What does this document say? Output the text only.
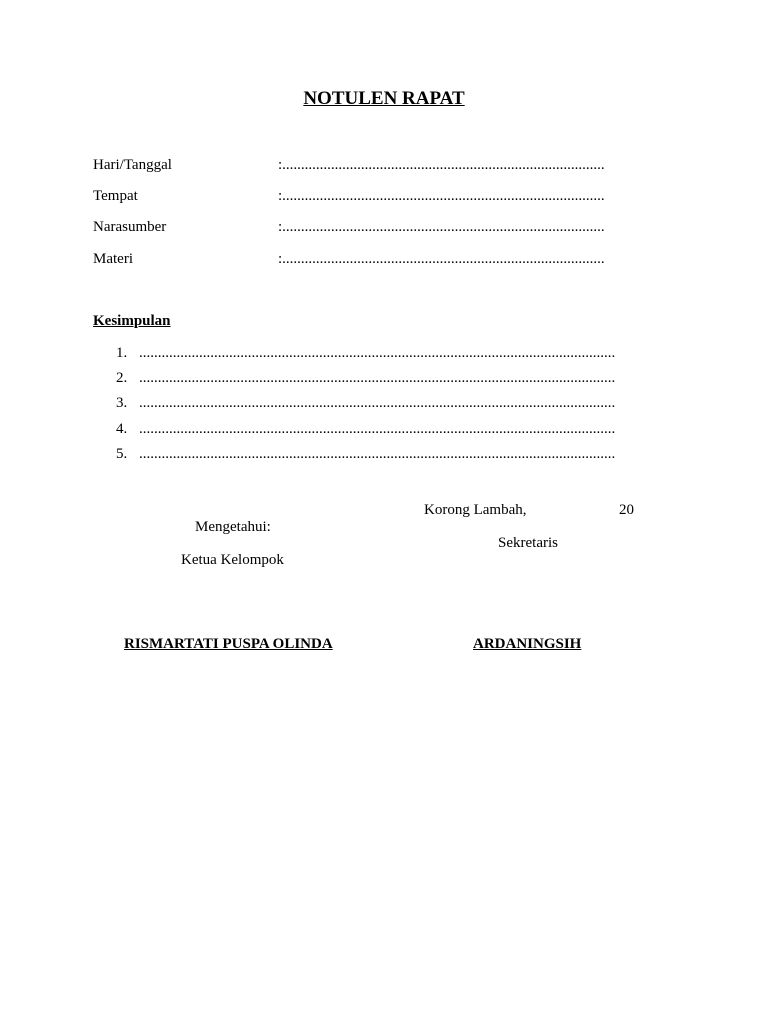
NOTULEN RAPAT
Hari/Tanggal	:......................................................................................
Tempat	:......................................................................................
Narasumber	:......................................................................................
Materi	:......................................................................................
Kesimpulan
1. ...............................................................................................................................
2. ...............................................................................................................................
3. ...............................................................................................................................
4. ...............................................................................................................................
5. ...............................................................................................................................
Korong Lambah,	20
Mengetahui:
Sekretaris
Ketua Kelompok
RISMARTATI PUSPA OLINDA	ARDANINGSIH
